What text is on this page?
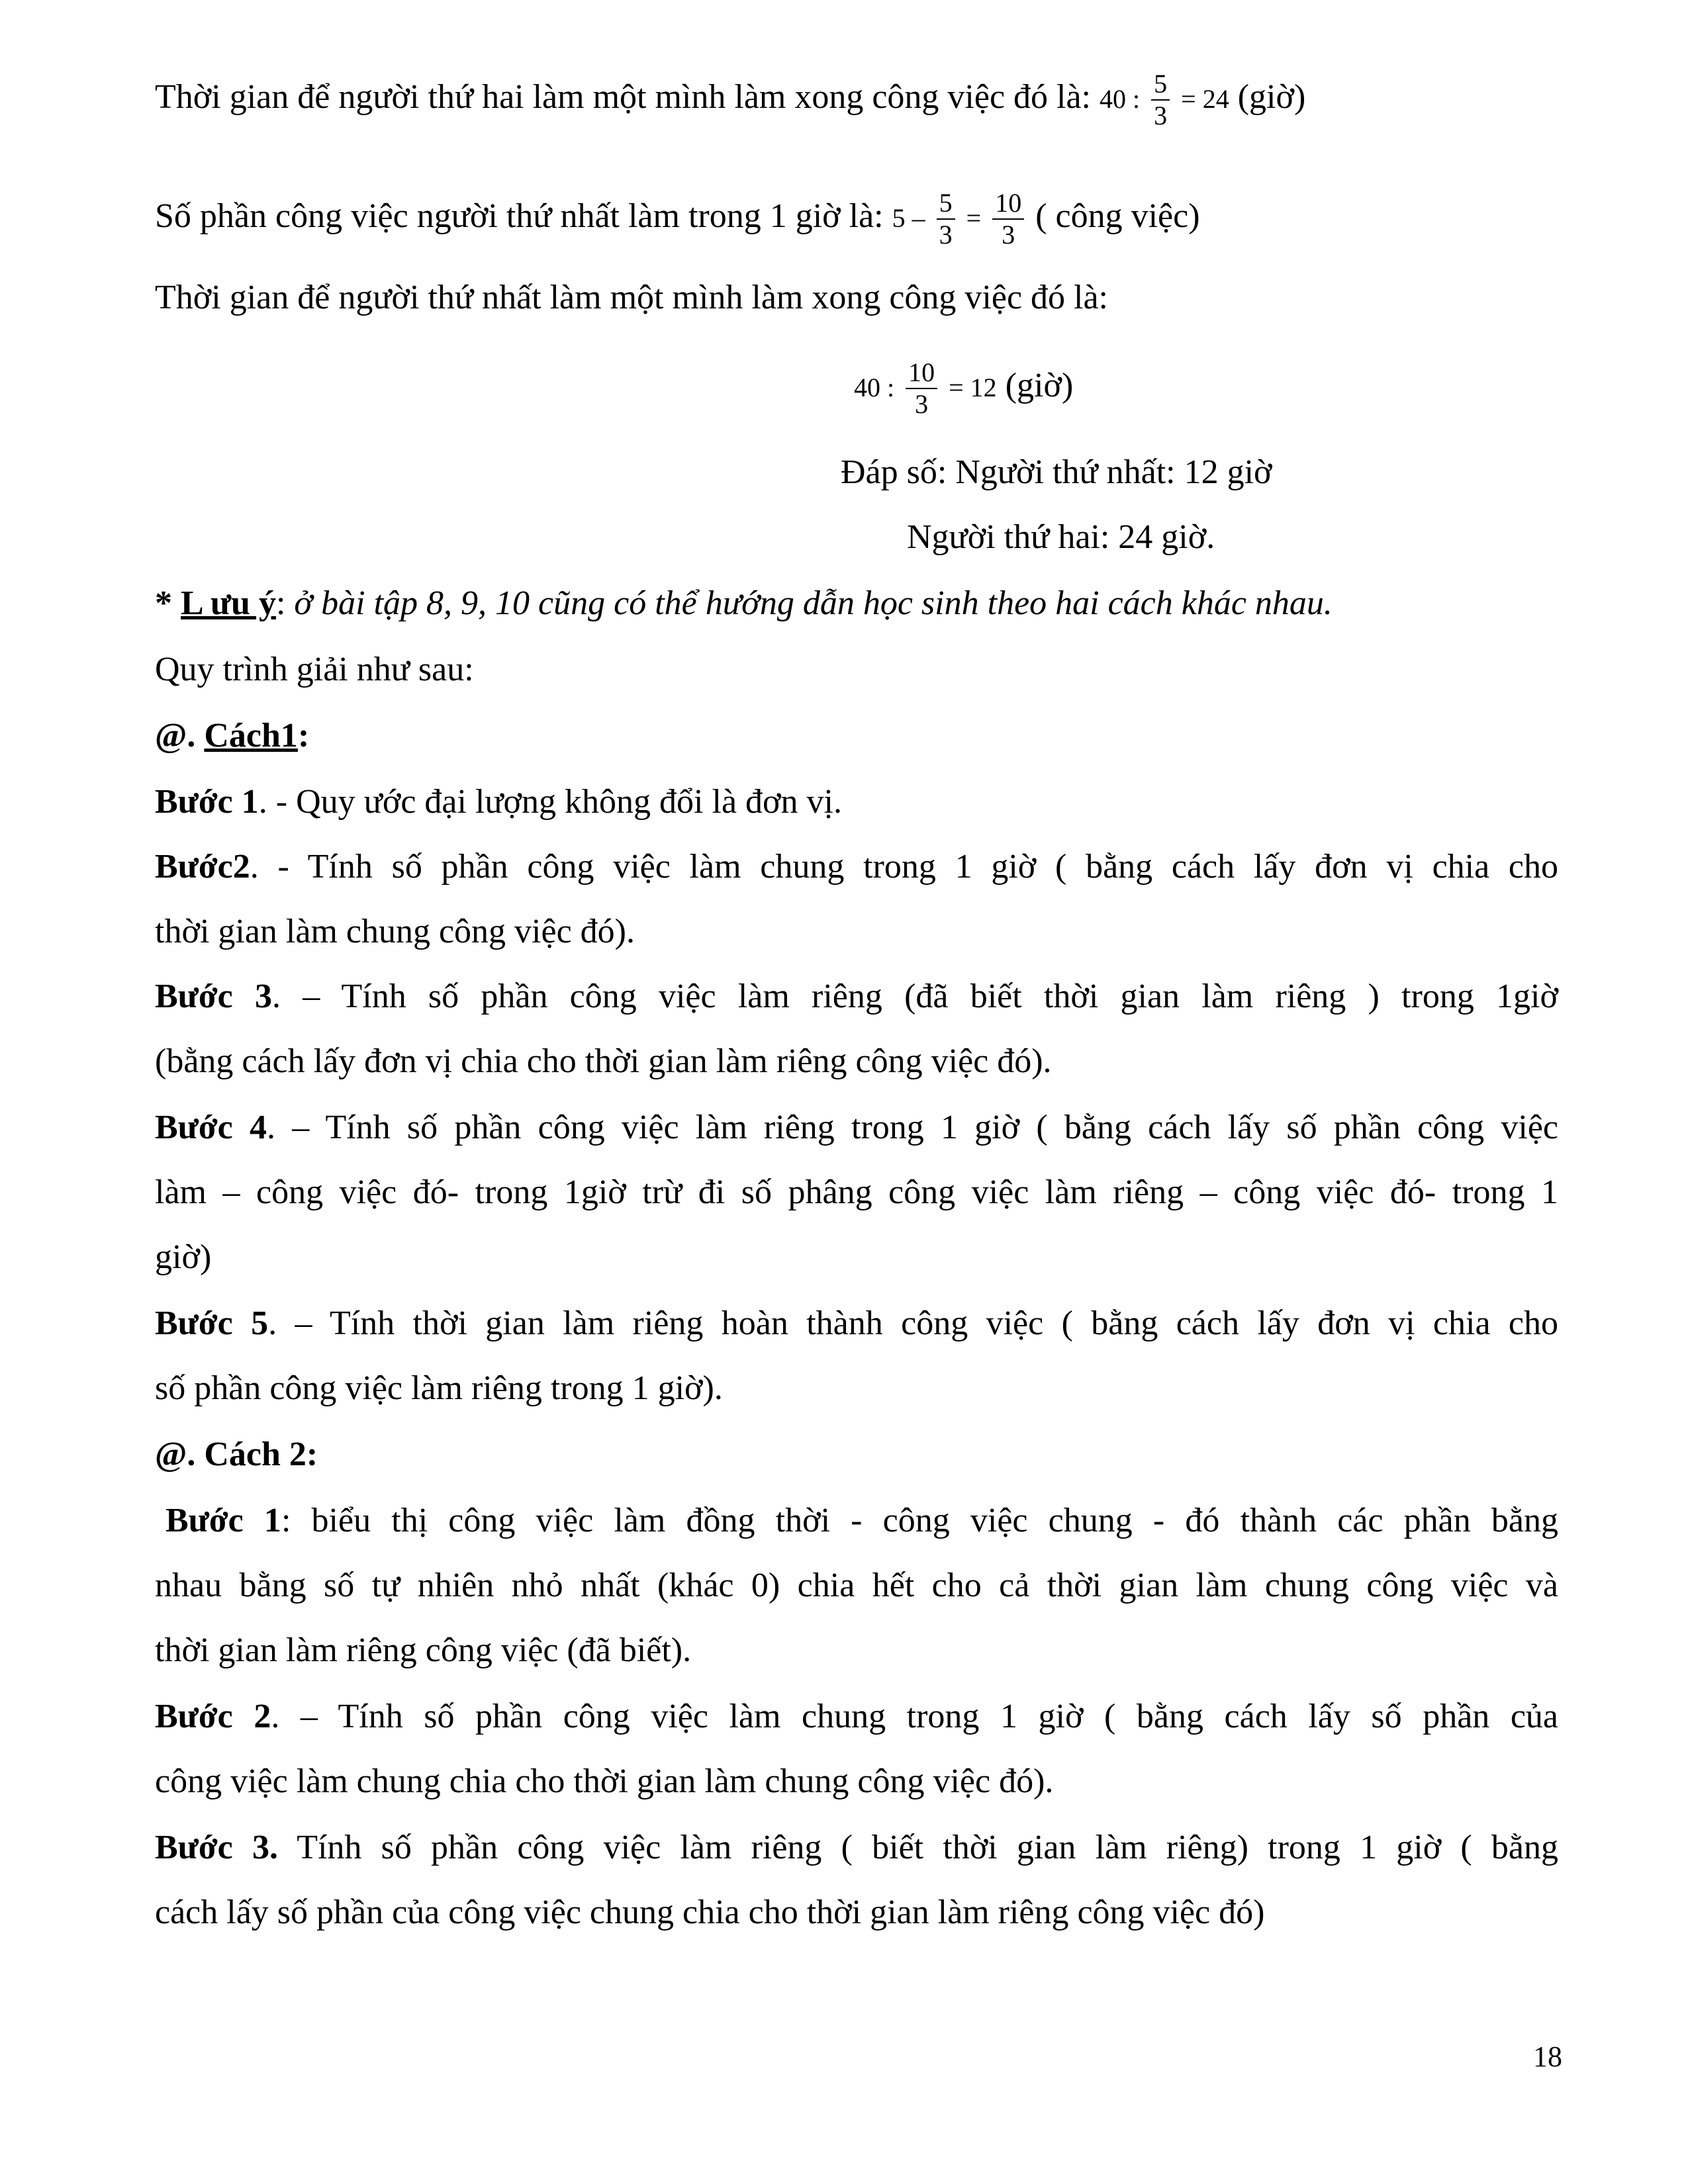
Thời gian để người thứ hai làm một mình làm xong công việc đó là: 40 : $\frac{5}{3} = 24$ (giờ)
Số phần công việc người thứ nhất làm trong 1 giờ là: $5 - \frac{5}{3} = \frac{10}{3}$ ( công việc)
Thời gian để người thứ nhất làm một mình làm xong công việc đó là:
40 : $\frac{10}{3} = 12$ (giờ)
Đáp số: Người thứ nhất: 12 giờ
Người thứ hai: 24 giờ.
* L ưu ý: ở bài tập 8, 9, 10 cũng có thể hướng dẫn học sinh theo hai cách khác nhau.
Quy trình giải như sau:
@. Cách1:
Bước 1. - Quy ước đại lượng không đổi là đơn vị.
Bước2. - Tính số phần công việc làm chung trong 1 giờ ( bằng cách lấy đơn vị chia cho
thời gian làm chung công việc đó).
Bước 3. – Tính số phần công việc làm riêng (đã biết thời gian làm riêng ) trong 1giờ
(bằng cách lấy đơn vị chia cho thời gian làm riêng công việc đó).
Bước 4. – Tính số phần công việc làm riêng trong 1 giờ ( bằng cách lấy số phần công việc
làm – công việc đó- trong 1giờ trừ đi số phâng công việc làm riêng – công việc đó- trong 1
giờ)
Bước 5. – Tính thời gian làm riêng hoàn thành công việc ( bằng cách lấy đơn vị chia cho
số phần công việc làm riêng trong 1 giờ).
@. Cách 2:
Bước 1: biểu thị công việc làm đồng thời - công việc chung - đó thành các phần bằng
nhau bằng số tự nhiên nhỏ nhất (khác 0) chia hết cho cả thời gian làm chung công việc và
thời gian làm riêng công việc (đã biết).
Bước 2. – Tính số phần công việc làm chung trong 1 giờ ( bằng cách lấy số phần của
công việc làm chung chia cho thời gian làm chung công việc đó).
Bước 3. Tính số phần công việc làm riêng ( biết thời gian làm riêng) trong 1 giờ ( bằng
cách lấy số phần của công việc chung chia cho thời gian làm riêng công việc đó)
18
